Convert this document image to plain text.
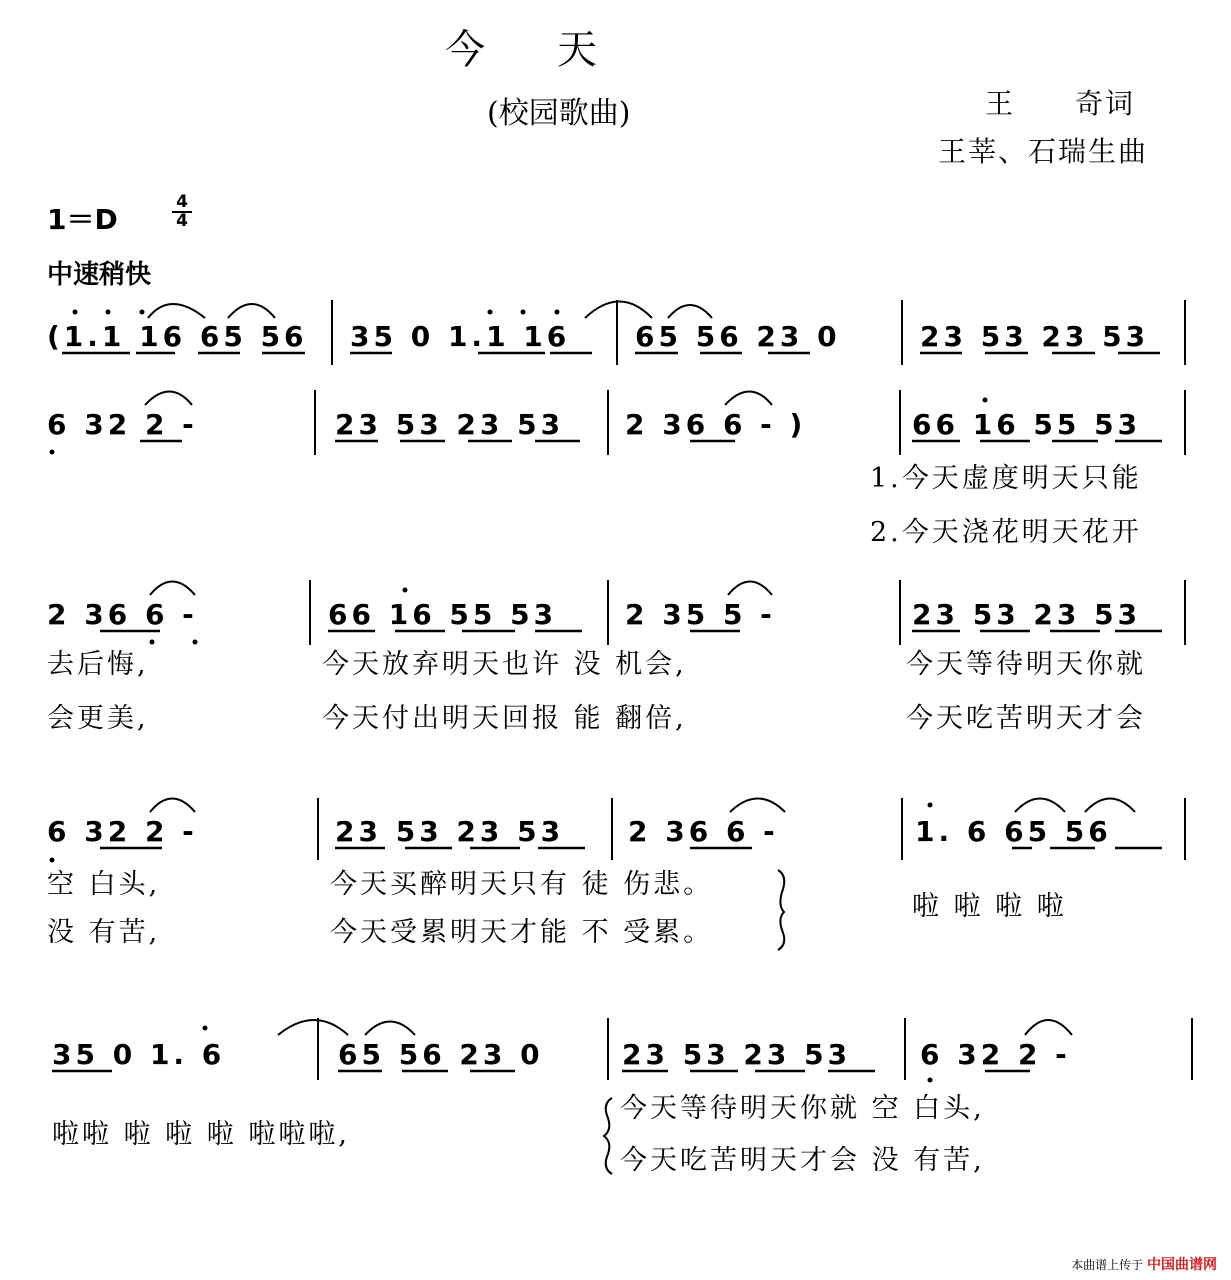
今天
(校园歌曲)	王　　奇词
王莘、石瑞生曲
1＝D
4
4
中速稍快
(1.1 16 65 56 35 0 1.1 16 65 56 23 0	23 53 23 53
6 32 2 -	23 53 23 53 2 36 6 - )	66 16 55 53
1.今天虚度明天只能
2.今天浇花明天花开
2 36 6 -	66 16 55 53 2 35 5 -	23 53 23 53
去后悔,	今天放弃明天也许 没 机会,	今天等待明天你就
会更美,	今天付出明天回报 能 翻倍,	今天吃苦明天才会
6 32 2 -	23 53 23 53 2 36 6 -	1. 6 65 56
空 白头,	今天买醉明天只有 徒 伤悲。
没 有苦,	今天受累明天才能 不 受累。
啦 啦 啦 啦
35 0 1. 6	65 56 23 0	23 53 23 53 6 32 2 -
啦啦 啦 啦 啦 啦啦啦,
今天等待明天你就 空 白头,
今天吃苦明天才会 没 有苦,
本曲谱上传于 中国曲谱网
